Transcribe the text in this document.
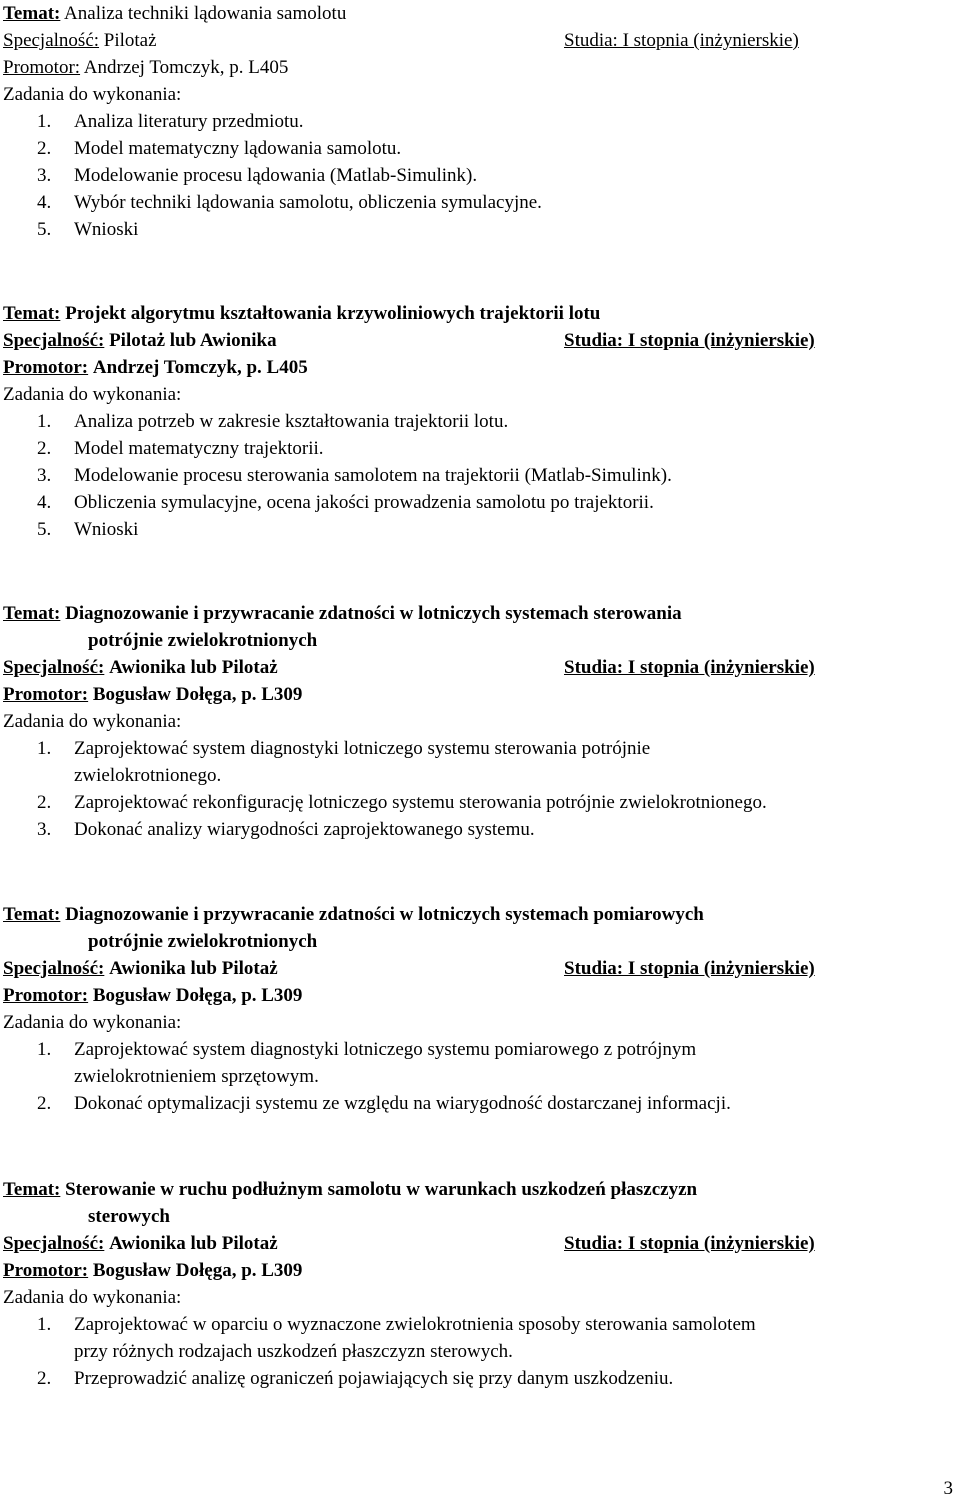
Temat: Analiza techniki lądowania samolotu
Specjalność: Pilotaż	Studia: I stopnia (inżynierskie)
Promotor: Andrzej Tomczyk, p. L405
Zadania do wykonania:
1. Analiza literatury przedmiotu.
2. Model matematyczny lądowania samolotu.
3. Modelowanie procesu lądowania (Matlab-Simulink).
4. Wybór techniki lądowania samolotu, obliczenia symulacyjne.
5. Wnioski
Temat: Projekt algorytmu kształtowania krzywoliniowych trajektorii lotu
Specjalność: Pilotaż lub Awionika	Studia: I stopnia (inżynierskie)
Promotor: Andrzej Tomczyk, p. L405
Zadania do wykonania:
1. Analiza potrzeb w zakresie kształtowania trajektorii lotu.
2. Model matematyczny trajektorii.
3. Modelowanie procesu sterowania samolotem na trajektorii (Matlab-Simulink).
4. Obliczenia symulacyjne, ocena jakości prowadzenia samolotu po trajektorii.
5. Wnioski
Temat: Diagnozowanie i przywracanie zdatności w lotniczych systemach sterowania
potrójnie zwielokrotnionych
Specjalność: Awionika lub Pilotaż	Studia: I stopnia (inżynierskie)
Promotor: Bogusław Dołęga, p. L309
Zadania do wykonania:
1. Zaprojektować system diagnostyki lotniczego systemu sterowania potrójnie
zwielokrotnionego.
2. Zaprojektować rekonfigurację lotniczego systemu sterowania potrójnie zwielokrotnionego.
3. Dokonać analizy wiarygodności zaprojektowanego systemu.
Temat: Diagnozowanie i przywracanie zdatności w lotniczych systemach pomiarowych
potrójnie zwielokrotnionych
Specjalność: Awionika lub Pilotaż	Studia: I stopnia (inżynierskie)
Promotor: Bogusław Dołęga, p. L309
Zadania do wykonania:
1. Zaprojektować system diagnostyki lotniczego systemu pomiarowego z potrójnym
zwielokrotnieniem sprzętowym.
2. Dokonać optymalizacji systemu ze względu na wiarygodność dostarczanej informacji.
Temat: Sterowanie w ruchu podłużnym samolotu w warunkach uszkodzeń płaszczyzn
sterowych
Specjalność: Awionika lub Pilotaż	Studia: I stopnia (inżynierskie)
Promotor: Bogusław Dołęga, p. L309
Zadania do wykonania:
1. Zaprojektować w oparciu o wyznaczone zwielokrotnienia sposoby sterowania samolotem
przy różnych rodzajach uszkodzeń płaszczyzn sterowych.
2. Przeprowadzić analizę ograniczeń pojawiających się przy danym uszkodzeniu.
3
